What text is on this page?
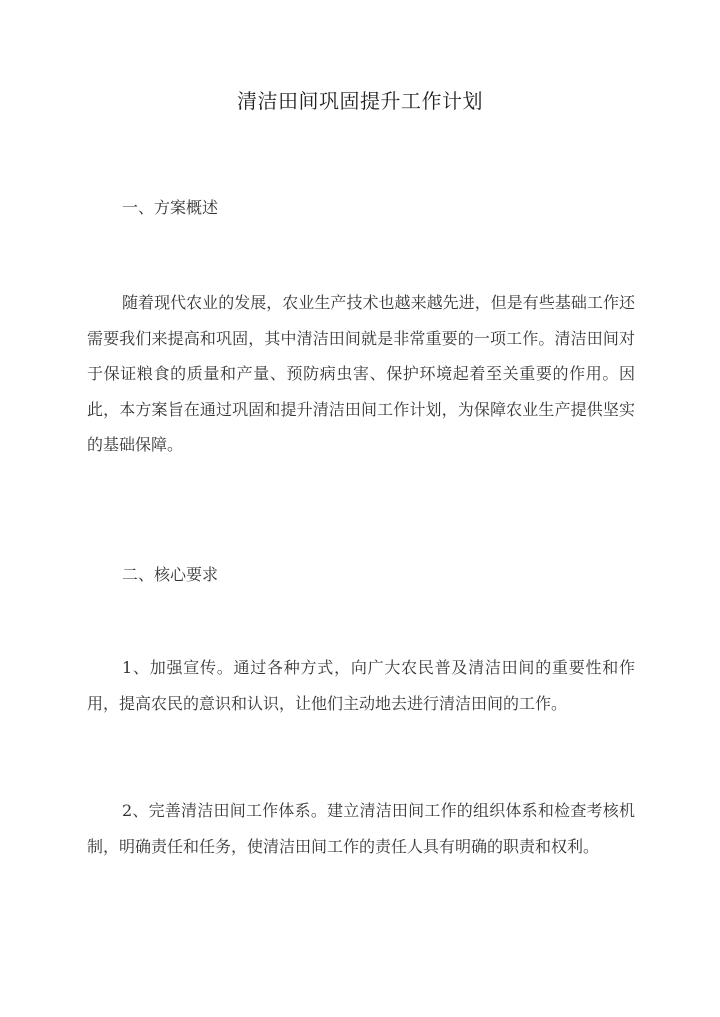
清洁田间巩固提升工作计划
一、方案概述

随着现代农业的发展，农业生产技术也越来越先进，但是有些基础工作还需要我们来提高和巩固，其中清洁田间就是非常重要的一项工作。清洁田间对于保证粮食的质量和产量、预防病虫害、保护环境起着至关重要的作用。因此，本方案旨在通过巩固和提升清洁田间工作计划，为保障农业生产提供坚实的基础保障。

二、核心要求

1、加强宣传。通过各种方式，向广大农民普及清洁田间的重要性和作用，提高农民的意识和认识，让他们主动地去进行清洁田间的工作。

2、完善清洁田间工作体系。建立清洁田间工作的组织体系和检查考核机制，明确责任和任务，使清洁田间工作的责任人具有明确的职责和权利。
